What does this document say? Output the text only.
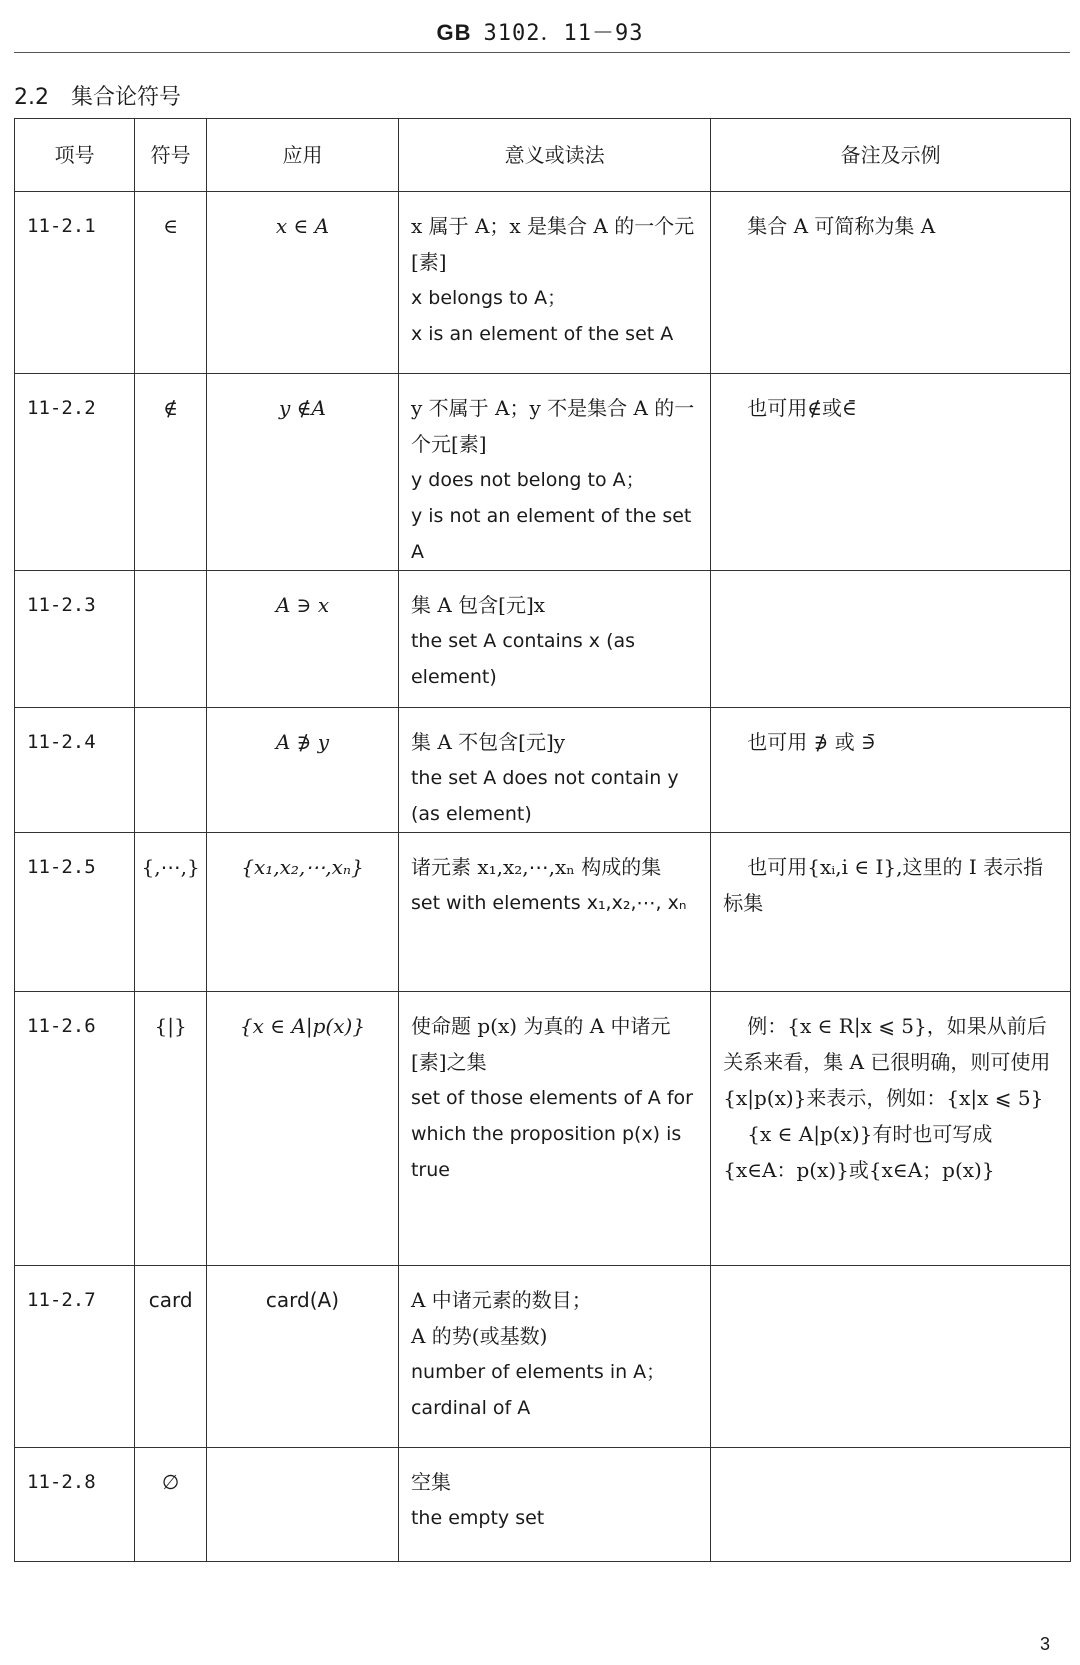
GB 3102．11－93
2.2　集合论符号
项号	符号	应用	意义或读法	备注及示例
11-2.1	∈	x ∈ A	x 属于 A；x 是集合 A 的一个元[素]
x belongs to A；
x is an element of the set A	集合 A 可简称为集 A

11-2.2	∉	y ∉A	y 不属于 A；y 不是集合 A 的一个元[素]
y does not belong to A；
y is not an element of the set A	也可用∉或∈̄

11-2.3		A ∋ x	集 A 包含[元]x
the set A contains x (as element)	

11-2.4		A ∌ y	集 A 不包含[元]y
the set A does not contain y (as element)	也可用 ∌ 或 ∋̄

11-2.5	{,⋯,}	{x₁,x₂,⋯,xₙ}	诸元素 x₁,x₂,⋯,xₙ 构成的集
set with elements x₁,x₂,⋯, xₙ	也可用{xᵢ,i ∈ I},这里的 I 表示指标集

11-2.6	{|}	{x ∈ A|p(x)}	使命题 p(x) 为真的 A 中诸元[素]之集
set of those elements of A for which the proposition p(x) is true	例：{x ∈ R|x ⩽ 5}，如果从前后关系来看，集 A 已很明确，则可使用{x|p(x)}来表示，例如：{x|x ⩽ 5}
{x ∈ A|p(x)}有时也可写成{x∈A：p(x)}或{x∈A；p(x)}

11-2.7	card	card(A)	A 中诸元素的数目；
A 的势(或基数)
number of elements in A；
cardinal of A	

11-2.8	∅		空集
the empty set	

3
